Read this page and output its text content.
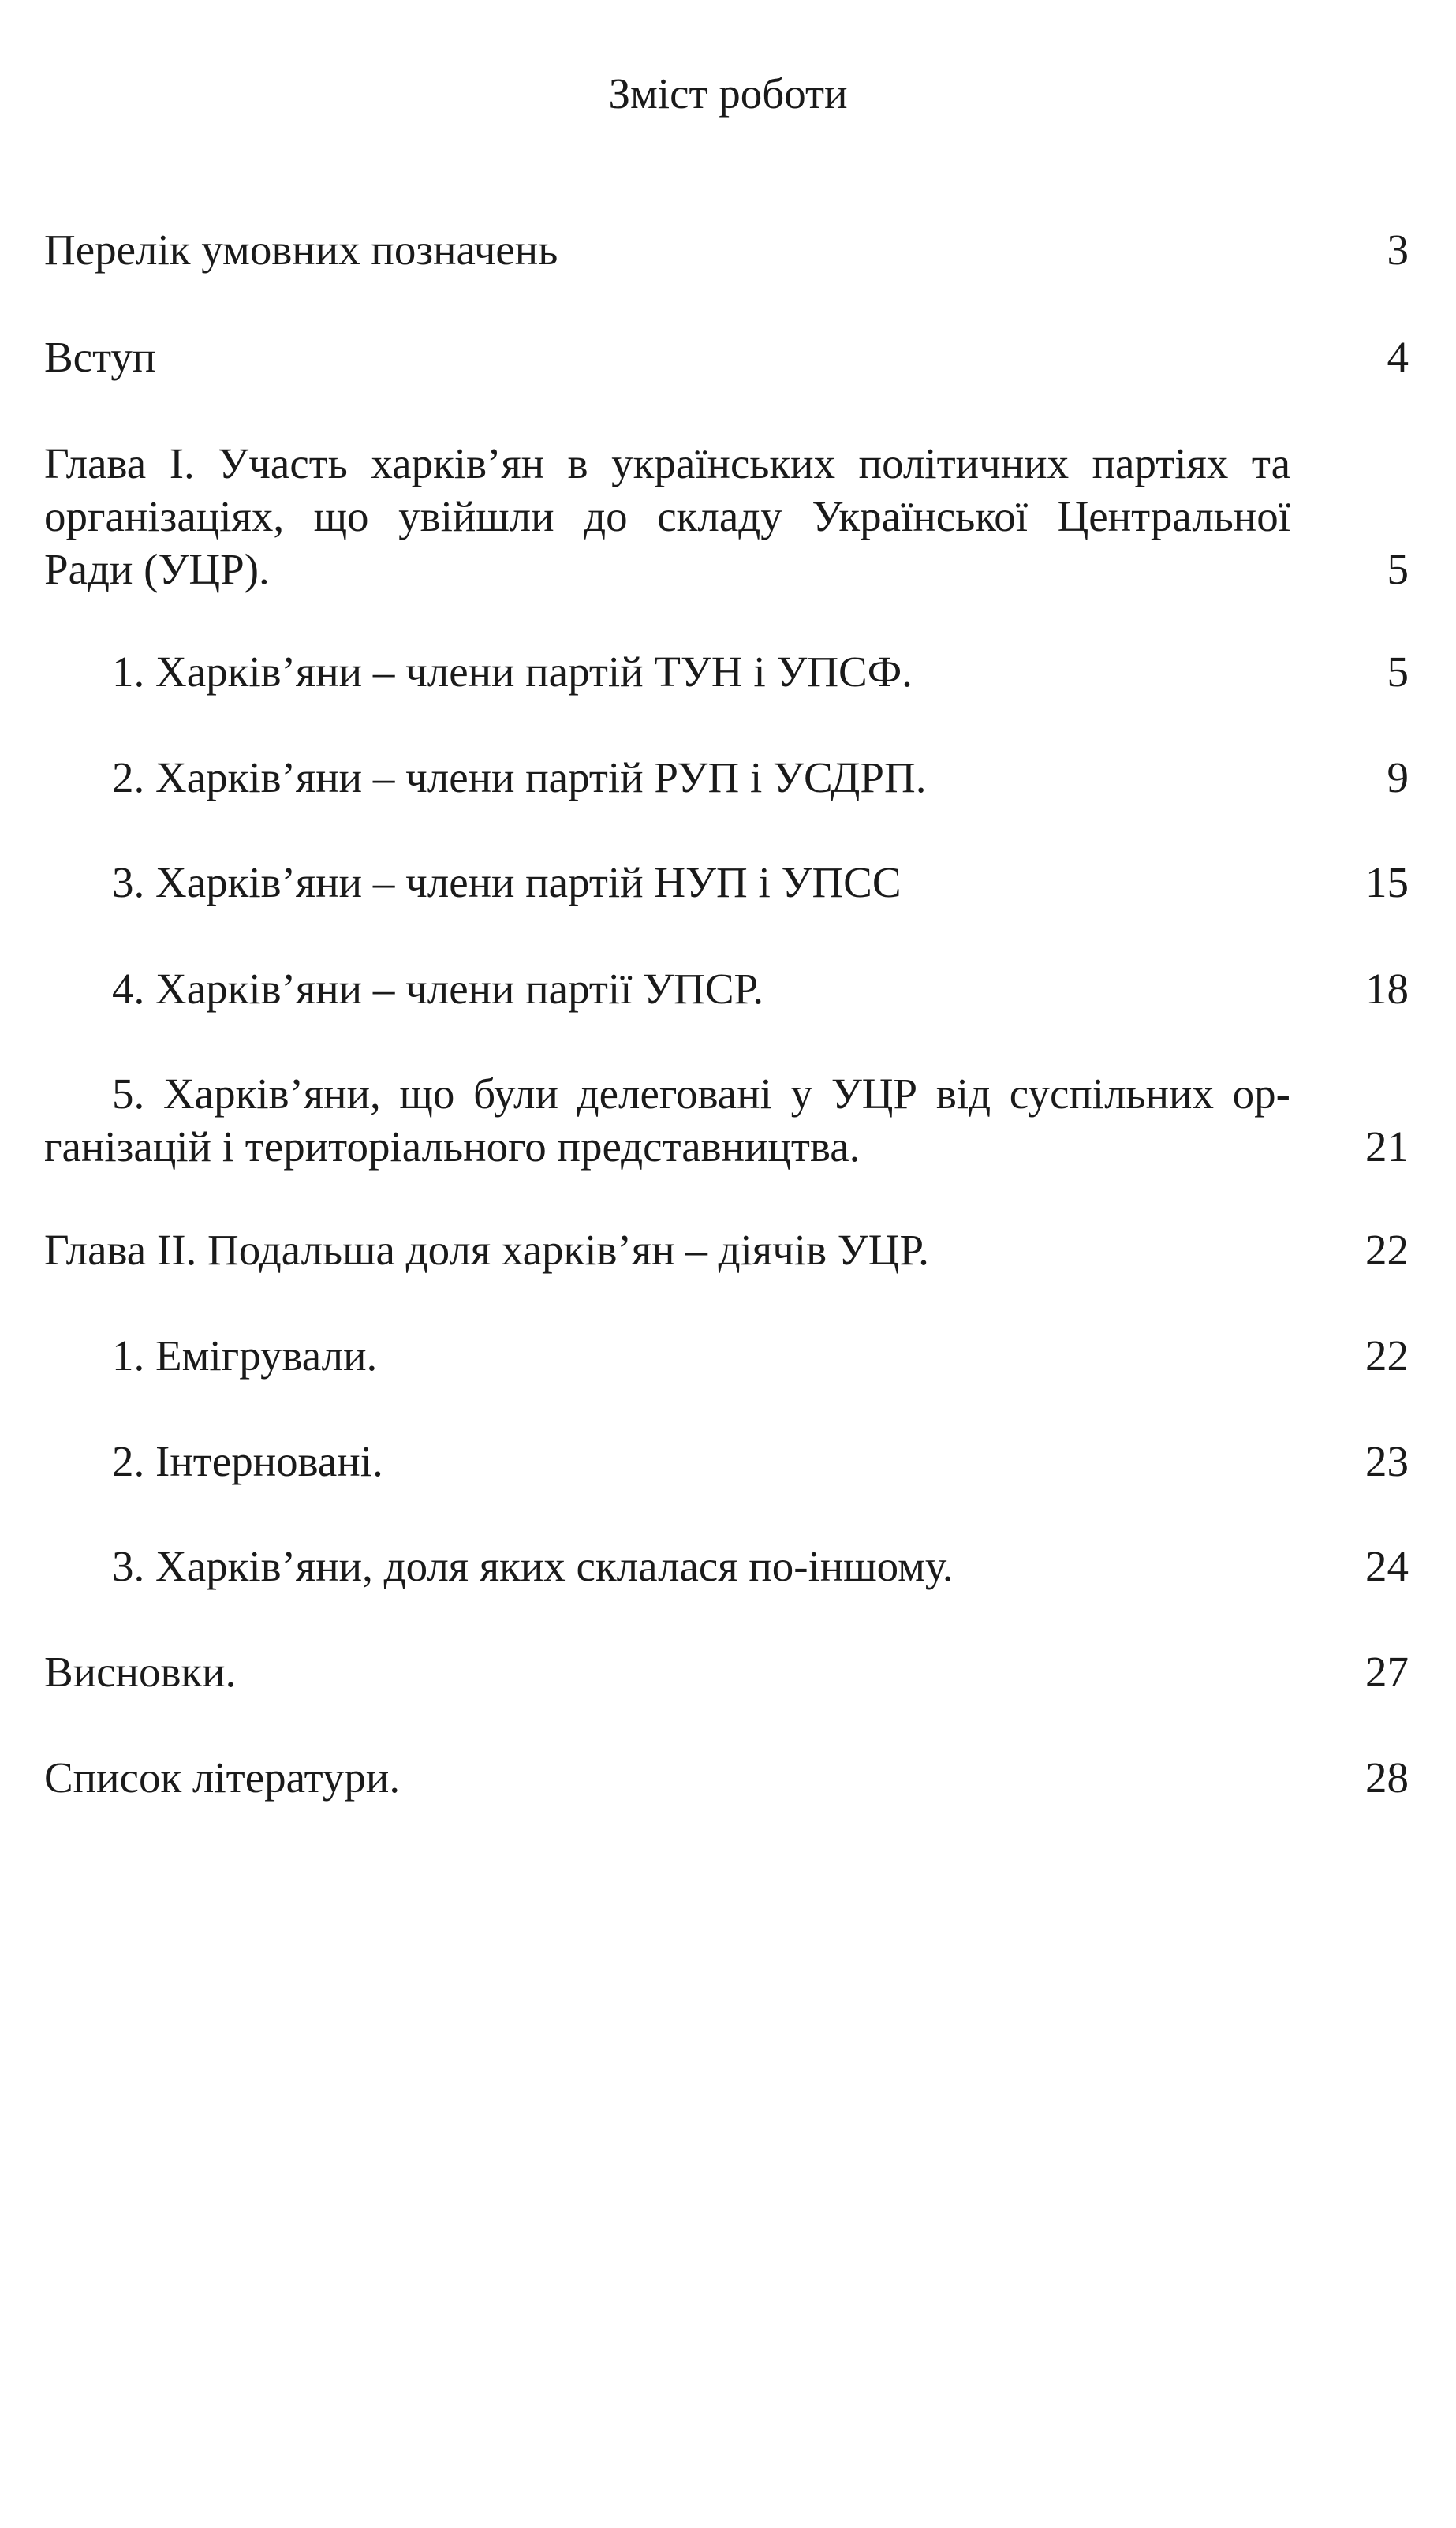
Зміст роботи
Перелік умовних позначень	3
Вступ	4
Глава І. Участь харків’ян в українських політичних партіях та
організаціях, що увійшли до складу Української Центральної
Ради (УЦР).	5
1. Харків’яни – члени партій ТУН і УПСФ.	5
2. Харків’яни – члени партій РУП і УСДРП.	9
3. Харків’яни – члени партій НУП і УПСС	15
4. Харків’яни – члени партії УПСР.	18
5. Харків’яни, що були делеговані у УЦР від суспільних ор-
ганізацій і територіального представництва.	21
Глава ІІ. Подальша доля харків’ян – діячів УЦР.	22
1. Емігрували.	22
2. Інтерновані.	23
3. Харків’яни, доля яких склалася по-іншому.	24
Висновки.	27
Список літератури.	28
